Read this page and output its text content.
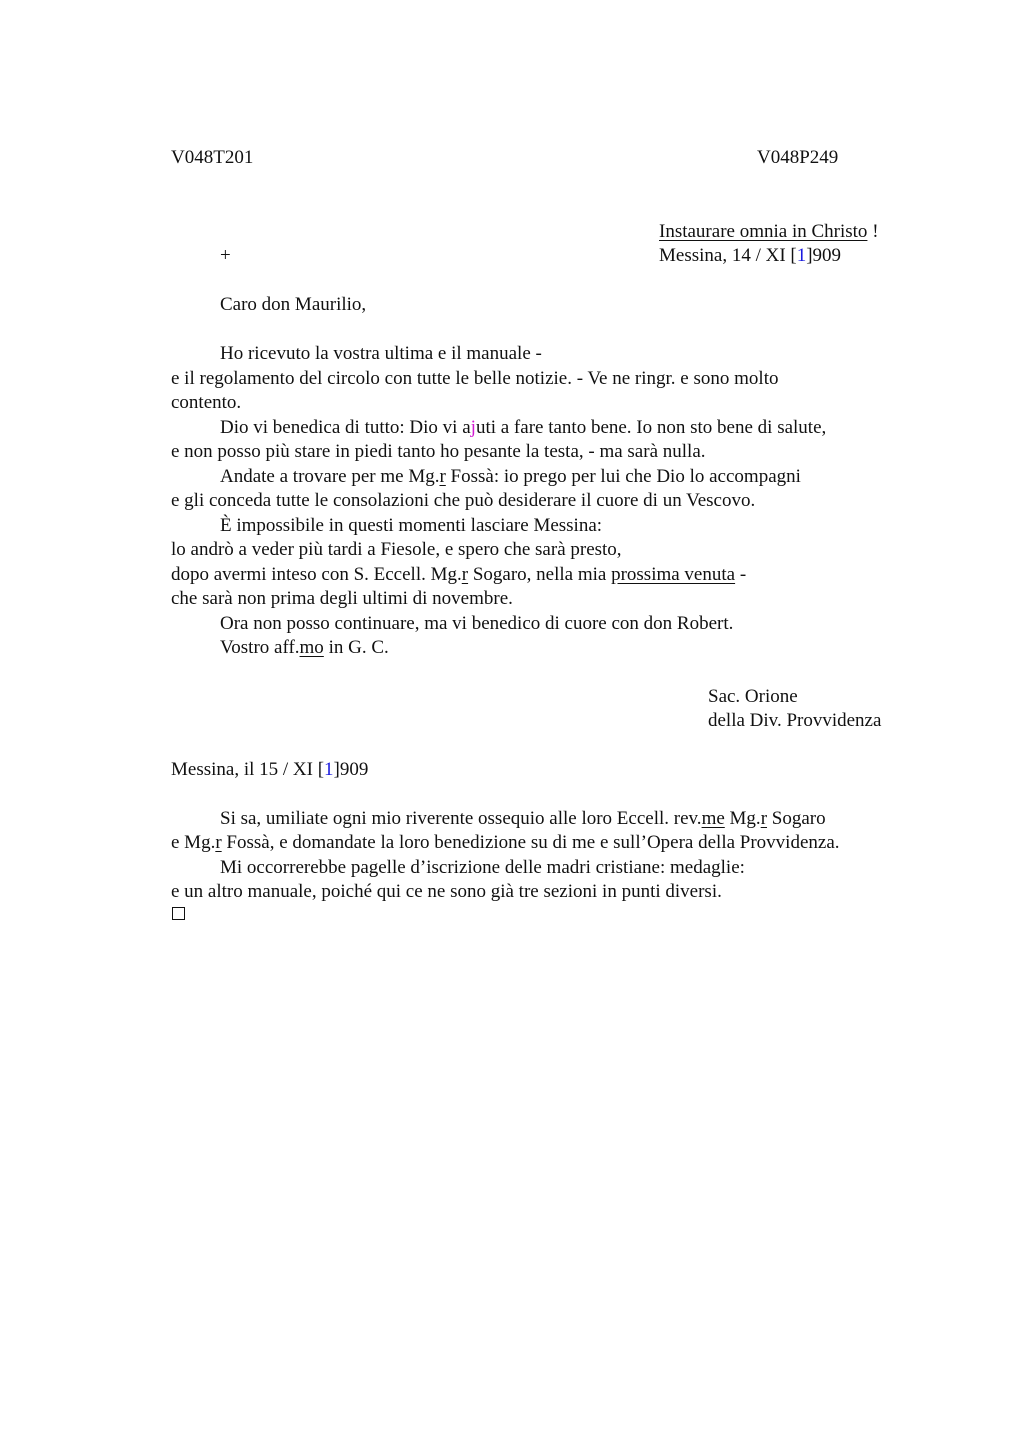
V048T201	V048P249
Instaurare omnia in Christo !
+	Messina, 14 / XI [1]909
Caro don Maurilio,
Ho ricevuto la vostra ultima e il manuale -
e il regolamento del circolo con tutte le belle notizie. - Ve ne ringr. e sono molto
contento.
Dio vi benedica di tutto: Dio vi ajuti a fare tanto bene. Io non sto bene di salute,
e non posso più stare in piedi tanto ho pesante la testa, - ma sarà nulla.
Andate a trovare per me Mg.r Fossà: io prego per lui che Dio lo accompagni
e gli conceda tutte le consolazioni che può desiderare il cuore di un Vescovo.
È impossibile in questi momenti lasciare Messina:
lo andrò a veder più tardi a Fiesole, e spero che sarà presto,
dopo avermi inteso con S. Eccell. Mg.r Sogaro, nella mia prossima venuta -
che sarà non prima degli ultimi di novembre.
Ora non posso continuare, ma vi benedico di cuore con don Robert.
Vostro aff.mo in G. C.
Sac. Orione
della Div. Provvidenza
Messina, il 15 / XI [1]909
Si sa, umiliate ogni mio riverente ossequio alle loro Eccell. rev.me Mg.r Sogaro
e Mg.r Fossà, e domandate la loro benedizione su di me e sull’Opera della Provvidenza.
Mi occorrerebbe pagelle d’iscrizione delle madri cristiane: medaglie:
e un altro manuale, poiché qui ce ne sono già tre sezioni in punti diversi.
